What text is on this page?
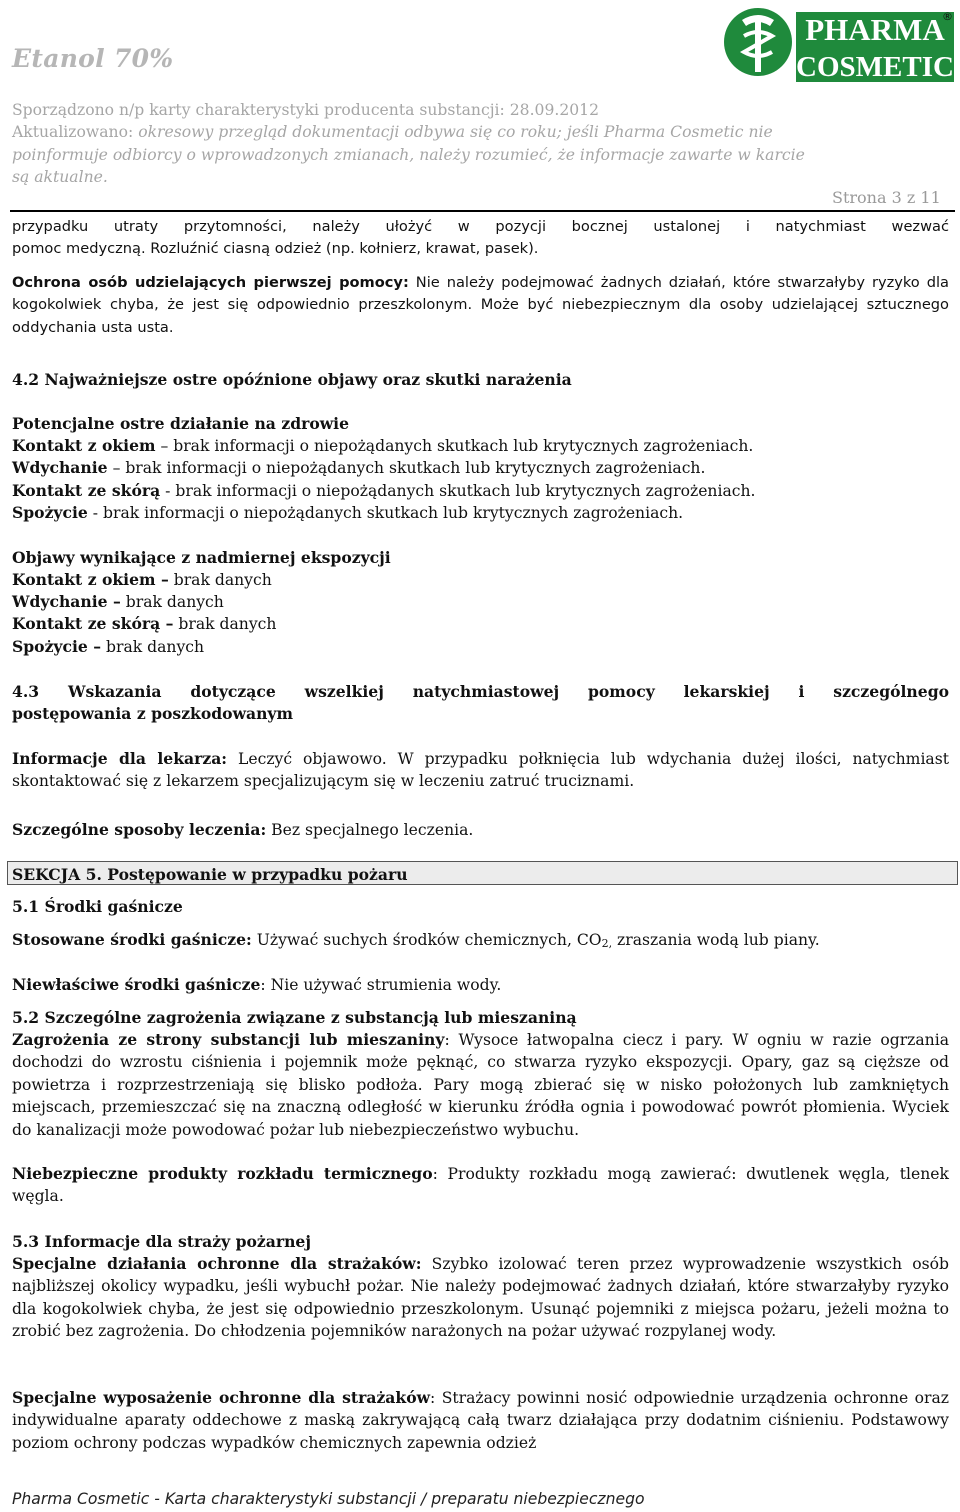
Etanol 70%
PHARMA
COSMETIC
®
Sporządzono n/p karty charakterystyki producenta substancji: 28.09.2012
Aktualizowano: okresowy przegląd dokumentacji odbywa się co roku; jeśli Pharma Cosmetic nie
poinformuje odbiorcy o wprowadzonych zmianach, należy rozumieć, że informacje zawarte w karcie
są aktualne.
Strona 3 z 11
przypadku utraty przytomności, należy ułożyć w pozycji bocznej ustalonej i natychmiast wezwać
pomoc medyczną. Rozluźnić ciasną odzież (np. kołnierz, krawat, pasek).
Ochrona osób udzielających pierwszej pomocy: Nie należy podejmować żadnych działań, które stwarzałyby ryzyko dla kogokolwiek chyba, że jest się odpowiednio przeszkolonym. Może być niebezpiecznym dla osoby udzielającej sztucznego oddychania usta usta.
4.2 Najważniejsze ostre opóźnione objawy oraz skutki narażenia
Potencjalne ostre działanie na zdrowie
Kontakt z okiem – brak informacji o niepożądanych skutkach lub krytycznych zagrożeniach.
Wdychanie – brak informacji o niepożądanych skutkach lub krytycznych zagrożeniach.
Kontakt ze skórą - brak informacji o niepożądanych skutkach lub krytycznych zagrożeniach.
Spożycie - brak informacji o niepożądanych skutkach lub krytycznych zagrożeniach.
Objawy wynikające z nadmiernej ekspozycji
Kontakt z okiem – brak danych
Wdychanie – brak danych
Kontakt ze skórą – brak danych
Spożycie – brak danych
4.3 Wskazania dotyczące wszelkiej natychmiastowej pomocy lekarskiej i szczególnego
postępowania z poszkodowanym
Informacje dla lekarza: Leczyć objawowo. W przypadku połknięcia lub wdychania dużej ilości, natychmiast skontaktować się z lekarzem specjalizującym się w leczeniu zatruć truciznami.
Szczególne sposoby leczenia: Bez specjalnego leczenia.
SEKCJA 5. Postępowanie w przypadku pożaru
5.1 Środki gaśnicze
Stosowane środki gaśnicze: Używać suchych środków chemicznych, $CO_{2,}$ zraszania wodą lub piany.
Niewłaściwe środki gaśnicze: Nie używać strumienia wody.
5.2 Szczególne zagrożenia związane z substancją lub mieszaniną
Zagrożenia ze strony substancji lub mieszaniny: Wysoce łatwopalna ciecz i pary. W ogniu w razie ogrzania dochodzi do wzrostu ciśnienia i pojemnik może pęknąć, co stwarza ryzyko ekspozycji. Opary, gaz są cięższe od powietrza i rozprzestrzeniają się blisko podłoża. Pary mogą zbierać się w nisko położonych lub zamkniętych miejscach, przemieszczać się na znaczną odległość w kierunku źródła ognia i powodować powrót płomienia. Wyciek do kanalizacji może powodować pożar lub niebezpieczeństwo wybuchu.
Niebezpieczne produkty rozkładu termicznego: Produkty rozkładu mogą zawierać: dwutlenek węgla, tlenek węgla.
5.3 Informacje dla straży pożarnej
Specjalne działania ochronne dla strażaków: Szybko izolować teren przez wyprowadzenie wszystkich osób najbliższej okolicy wypadku, jeśli wybuchł pożar. Nie należy podejmować żadnych działań, które stwarzałyby ryzyko dla kogokolwiek chyba, że jest się odpowiednio przeszkolonym. Usunąć pojemniki z miejsca pożaru, jeżeli można to zrobić bez zagrożenia. Do chłodzenia pojemników narażonych na pożar używać rozpylanej wody.
Specjalne wyposażenie ochronne dla strażaków: Strażacy powinni nosić odpowiednie urządzenia ochronne oraz indywidualne aparaty oddechowe z maską zakrywającą całą twarz działająca przy dodatnim ciśnieniu. Podstawowy poziom ochrony podczas wypadków chemicznych zapewnia odzież
Pharma Cosmetic - Karta charakterystyki substancji / preparatu niebezpiecznego
